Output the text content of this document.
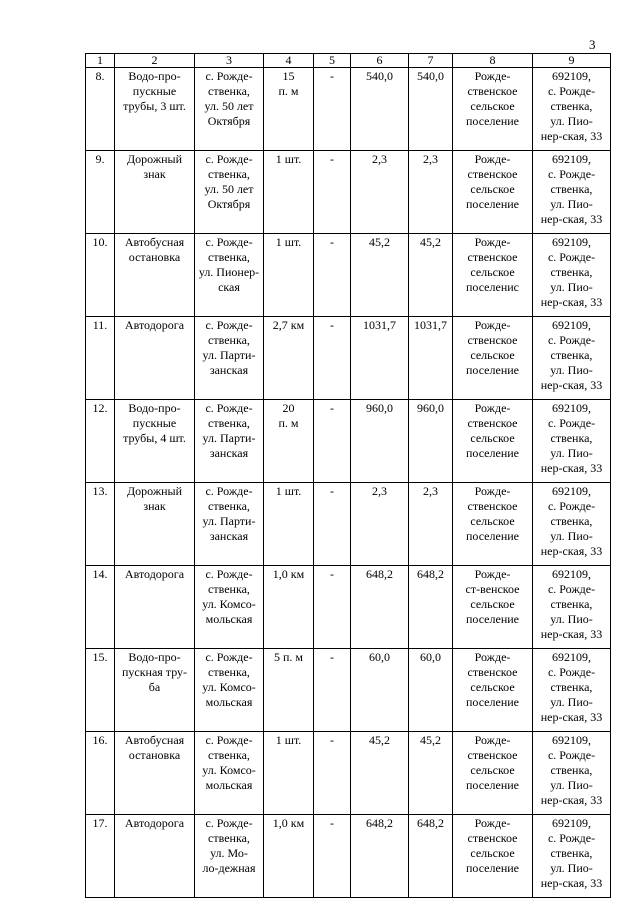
3
1	2	3	4	5	6	7	8	9
8.	Водо-про-
пускные
трубы, 3 шт.	с. Рожде-
ственка,
ул. 50 лет
Октября	15
п. м	-	540,0	540,0	Рожде-
ственское
сельское
поселение	692109,
с. Рожде-
ственка,
ул. Пио-
нер-ская, 33
9.	Дорожный
знак	с. Рожде-
ственка,
ул. 50 лет
Октября	1 шт.	-	2,3	2,3	Рожде-
ственское
сельское
поселение	692109,
с. Рожде-
ственка,
ул. Пио-
нер-ская, 33
10.	Автобусная
остановка	с. Рожде-
ственка,
ул. Пионер-
ская	1 шт.	-	45,2	45,2	Рожде-
ственское
сельское
поселенис	692109,
с. Рожде-
ственка,
ул. Пио-
нер-ская, 33
11.	Автодорога	с. Рожде-
ственка,
ул. Парти-
занская	2,7 км	-	1031,7	1031,7	Рожде-
ственское
сельское
поселение	692109,
с. Рожде-
ственка,
ул. Пио-
нер-ская, 33
12.	Водо-про-
пускные
трубы, 4 шт.	с. Рожде-
ственка,
ул. Парти-
занская	20
п. м	-	960,0	960,0	Рожде-
ственское
сельское
поселение	692109,
с. Рожде-
ственка,
ул. Пио-
нер-ская, 33
13.	Дорожный
знак	с. Рожде-
ственка,
ул. Парти-
занская	1 шт.	-	2,3	2,3	Рожде-
ственское
сельское
поселение	692109,
с. Рожде-
ственка,
ул. Пио-
нер-ская, 33
14.	Автодорога	с. Рожде-
ственка,
ул. Комсо-
мольская	1,0 км	-	648,2	648,2	Рожде-
ст-венское
сельское
поселение	692109,
с. Рожде-
ственка,
ул. Пио-
нер-ская, 33
15.	Водо-про-
пускная тру-
ба	с. Рожде-
ственка,
ул. Комсо-
мольская	5 п. м	-	60,0	60,0	Рожде-
ственское
сельское
поселение	692109,
с. Рожде-
ственка,
ул. Пио-
нер-ская, 33
16.	Автобусная
остановка	с. Рожде-
ственка,
ул. Комсо-
мольская	1 шт.	-	45,2	45,2	Рожде-
ственское
сельское
поселение	692109,
с. Рожде-
ственка,
ул. Пио-
нер-ская, 33
17.	Автодорога	с. Рожде-
ственка,
ул. Мо-
ло-дежная	1,0 км	-	648,2	648,2	Рожде-
ственское
сельское
поселение	692109,
с. Рожде-
ственка,
ул. Пио-
нер-ская, 33
